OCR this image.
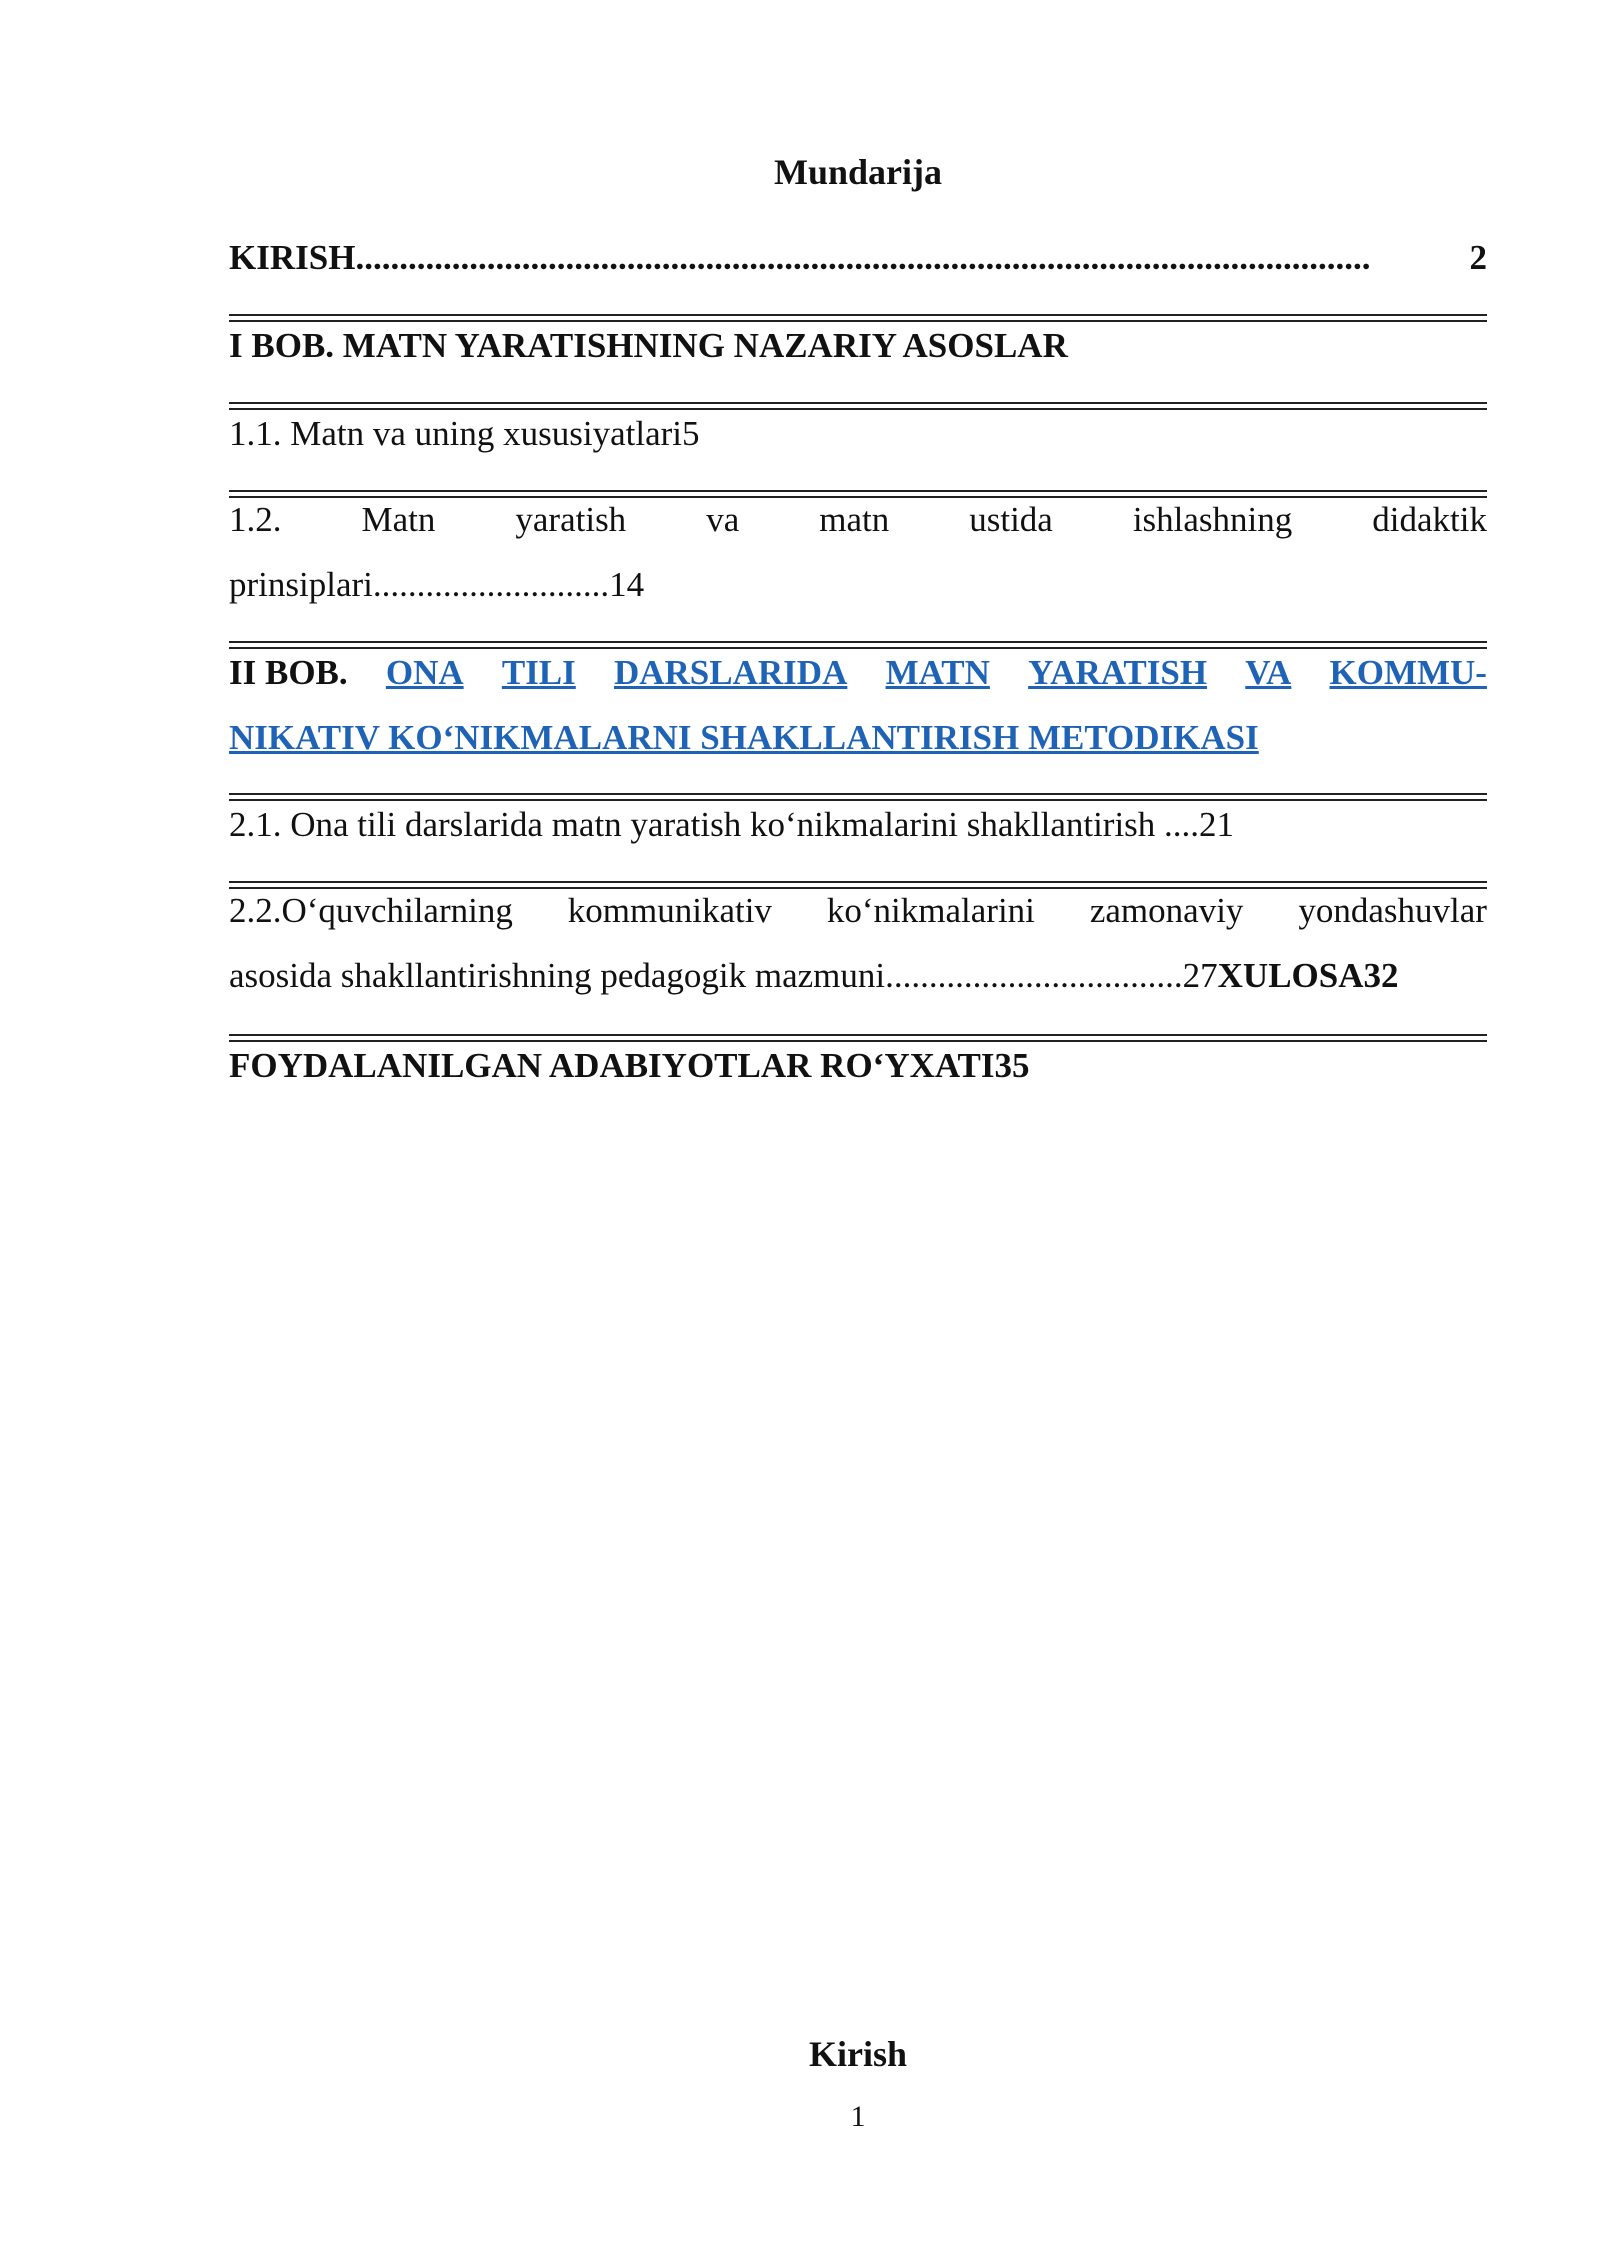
Mundarija
KIRISH ....................................................................................................................	2
I BOB. MATN YARATISHNING NAZARIY ASOSLAR
1.1. Matn va uning xususiyatlari5
1.2. Matn yaratish va matn ustida ishlashning didaktik
prinsiplari...........................14
II BOB. ONA TILI DARSLARIDA MATN YARATISH VA KOMMU-
NIKATIV KO‘NIKMALARNI SHAKLLANTIRISH METODIKASI
2.1. Ona tili darslarida matn yaratish ko‘nikmalarini shakllantirish ....21
2.2.O‘quvchilarning kommunikativ ko‘nikmalarini zamonaviy yondashuvlar
asosida shakllantirishning pedagogik mazmuni..................................27 XULOSA32
FOYDALANILGAN ADABIYOTLAR RO‘YXATI35
Kirish
1
